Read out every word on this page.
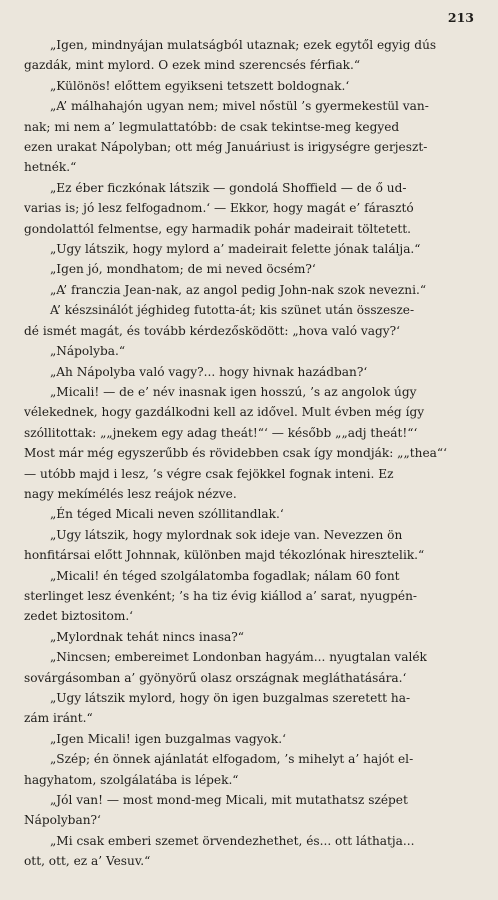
213
„Igen, mindnyájan mulatságból utaznak; ezek egytől egyig dús
gazdák, mint mylord. O ezek mind szerencsés férfiak.“
„Különös! előttem egyikseni tetszett boldognak.‘
„A’ málhahajón ugyan nem; mivel nőstül ’s gyermekestül van-
nak; mi nem a’ legmulattatóbb: de csak tekintse-meg kegyed
ezen urakat Nápolyban; ott még Januáriust is irigységre gerjeszt-
hetnék.“
„Ez éber ficzkónak látszik — gondolá Shoffield — de ő ud-
varias is; jó lesz felfogadnom.‘ — Ekkor, hogy magát e’ fárasztó
gondolattól felmentse, egy harmadik pohár madeirait töltetett.
„Ugy látszik, hogy mylord a’ madeirait felette jónak találja.“
„Igen jó, mondhatom; de mi neved öcsém?‘
„A’ franczia Jean-nak, az angol pedig John-nak szok nevezni.“
A’ készsinálót jéghideg futotta-át; kis szünet után összesze-
dé ismét magát, és tovább kérdezősködött: „hova való vagy?‘
„Nápolyba.“
„Ah Nápolyba való vagy?... hogy hivnak hazádban?‘
„Micali! — de e’ név inasnak igen hosszú, ’s az angolok úgy
vélekednek, hogy gazdálkodni kell az idővel. Mult évben még így
szóllitottak: „„jnekem egy adag theát!“‘ — később „„adj theát!“‘
Most már még egyszerűbb és rövidebben csak így mondják: „„thea“‘
— utóbb majd i lesz, ’s végre csak fejökkel fognak inteni. Ez
nagy mekímélés lesz reájok nézve.
„Én téged Micali neven szóllitandlak.‘
„Ugy látszik, hogy mylordnak sok ideje van. Nevezzen ön
honfitársai előtt Johnnak, különben majd tékozlónak hiresztelik.“
„Micali! én téged szolgálatomba fogadlak; nálam 60 font
sterlinget lesz évenként; ’s ha tiz évig kiállod a’ sarat, nyugpén-
zedet biztositom.‘
„Mylordnak tehát nincs inasa?“
„Nincsen; embereimet Londonban hagyám... nyugtalan valék
sovárgásomban a’ gyönyörű olasz országnak megláthatására.‘
„Ugy látszik mylord, hogy ön igen buzgalmas szeretett ha-
zám iránt.“
„Igen Micali! igen buzgalmas vagyok.‘
„Szép; én önnek ajánlatát elfogadom, ’s mihelyt a’ hajót el-
hagyhatom, szolgálatába is lépek.“
„Jól van! — most mond-meg Micali, mit mutathatsz szépet
Nápolyban?‘
„Mi csak emberi szemet örvendezhethet, és... ott láthatja...
ott, ott, ez a’ Vesuv.“
